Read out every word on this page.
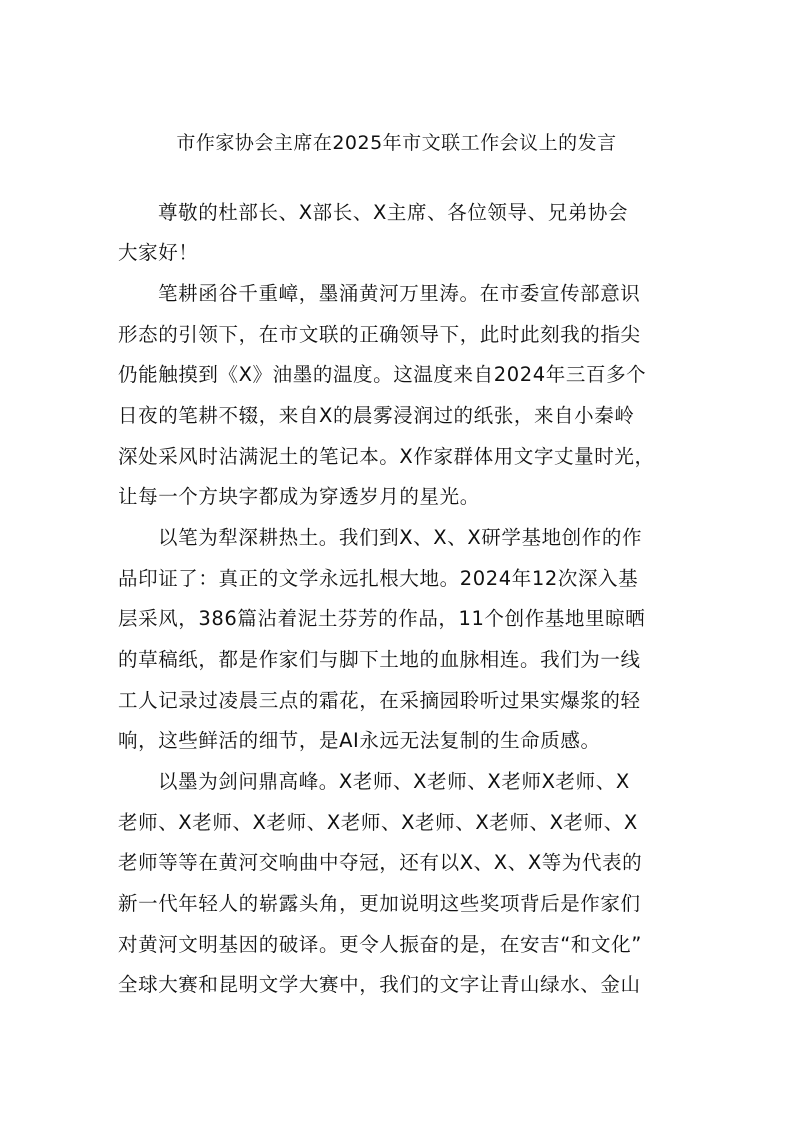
市作家协会主席在2025年市文联工作会议上的发言
尊敬的杜部长、X部长、X主席、各位领导、兄弟协会
大家好！
笔耕函谷千重嶂，墨涌黄河万里涛。在市委宣传部意识
形态的引领下，在市文联的正确领导下，此时此刻我的指尖
仍能触摸到《X》油墨的温度。这温度来自2024年三百多个
日夜的笔耕不辍，来自X的晨雾浸润过的纸张，来自小秦岭
深处采风时沾满泥土的笔记本。X作家群体用文字丈量时光，
让每一个方块字都成为穿透岁月的星光。
以笔为犁深耕热土。我们到X、X、X研学基地创作的作
品印证了：真正的文学永远扎根大地。2024年12次深入基
层采风，386篇沾着泥土芬芳的作品，11个创作基地里晾晒
的草稿纸，都是作家们与脚下土地的血脉相连。我们为一线
工人记录过凌晨三点的霜花，在采摘园聆听过果实爆浆的轻
响，这些鲜活的细节，是AI永远无法复制的生命质感。
以墨为剑问鼎高峰。X老师、X老师、X老师X老师、X
老师、X老师、X老师、X老师、X老师、X老师、X老师、X
老师等等在黄河交响曲中夺冠，还有以X、X、X等为代表的
新一代年轻人的崭露头角，更加说明这些奖项背后是作家们
对黄河文明基因的破译。更令人振奋的是，在安吉“和文化”
全球大赛和昆明文学大赛中，我们的文字让青山绿水、金山
